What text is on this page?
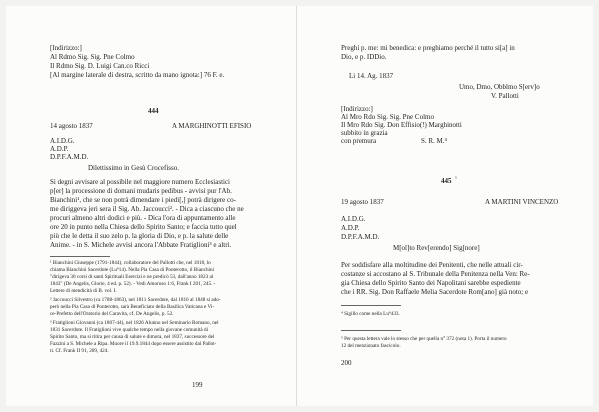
[Indirizzo:]
Al Rdmo Sig. Sig. Pne Colmo
Il Rdmo Sig. D. Luigi Can.co Ricci
[Al margine laterale di destra, scritto da mano ignota:] 76 F. e.
444
14 agosto 1837	A MARGHINOTTI EFISIO
A.I.D.G.
A.D.P.
D.P.F.A.M.D.
Dilettissimo in Gesù Crocefisso.
Si degni avvisare al possibile nel maggiore numero Ecclesiastici
p[er] la processione di domani mudaris pedibus - avvisi pur l'Ab.
Bianchini¹, che se non potrà dimendare i piedi[,] potrà dirigere co-
me diriggeva jeri sera il Sig. Ab. Jaccoucci². - Dica a ciascuno che ne
procuri almeno altri dodici e più. - Dica l'ora di appuntamento alle
ore 20 in punto nella Chiesa dello Spirito Santo; e faccia tutto quel
più che le detta il suo zelo p. la gloria di Dio, e p. la salute delle
Anime. - in S. Michele avvisi ancora l'Abbate Fratiglioni³ e altri.
¹ Bianchini Giuseppe (1791-1844), collaboratore del Pallotti che, nel 1818, lo
chiama Bianchini Sacerdote (Lu⁹14). Nella Pia Casa di Ponterotto, il Bianchini
"dirigeva 30 corsi di santi Spirituali Esercizi e ne predicò 53, dall'anno 1823 al
1843" (De Angelis, Glorie, 4 ed. p. 52). - Vedi Amoroso 1:6, Frank I 201, 245. -
Lettere di mendicità di B. vol. I.
² Jaccoucci Silvestro (ca 1788-1863), nel 1811 Sacerdote, dal 1816 al 1848 si ado-
però nella Pia Casa di Ponterotto, sarà Beneficiato della Basilica Vaticana e Vi-
ce-Prefetto dell'Oratorio del Caravita, cf. De Angelis, p. 52.
³ Fratiglioni Giovanni (ca 1807-44), nel 1826 Alunno nel Seminario Romano, nel
1831 Sacerdote. Il Fratiglioni vive qualche tempo nella giovane comunità di
Spirito Santo, ma si ritira per causa di salute e dimora, nel 1837, successore del
Fazzini a S. Michele a Ripa. Muore il 19.9.1844 dopo essere assistito dal Pallot-
ti. Cf. Frank II 91, 209, 424.
199
Preghi p. me: mi benedica: e preghiamo perché il tutto si[a] in
Dio, e p. IDDio.
Li 14. Ag. 1837
Umo, Dmo, Obblmo S[erv]o
V. Pallotti
[Indirizzo:]
Al Mro Rdo Sig. Sig. Pne Colmo
Il Mro Rdo Sig. Don Effisio(!) Marghinotti
subbito in grazia
con premura	S. R. M.⁴
445 ⁵
19 agosto 1837	A MARTINI VINCENZO
A.I.D.G.
A.D.P.
D.P.F.A.M.D.
M[ol]to Rev[erendo] Sig[nore]
Per soddisfare alla moltitudine dei Penitenti, che nelle attuali cir-
costanze si accostano al S. Tribunale della Penitenza nella Ven: Re-
gia Chiesa dello Spirito Santo dei Napolitani sarebbe espediente
che i RR. Sig. Don Raffaele Melia Sacerdote Rom[ano] già noto; e
⁴ Sigillo come nella Lu⁹433.
⁵ Per questa lettera vale lo stesso che per quella n° 372 (nota 1). Porta il numero
12 del menzionato fascicolo.
200
